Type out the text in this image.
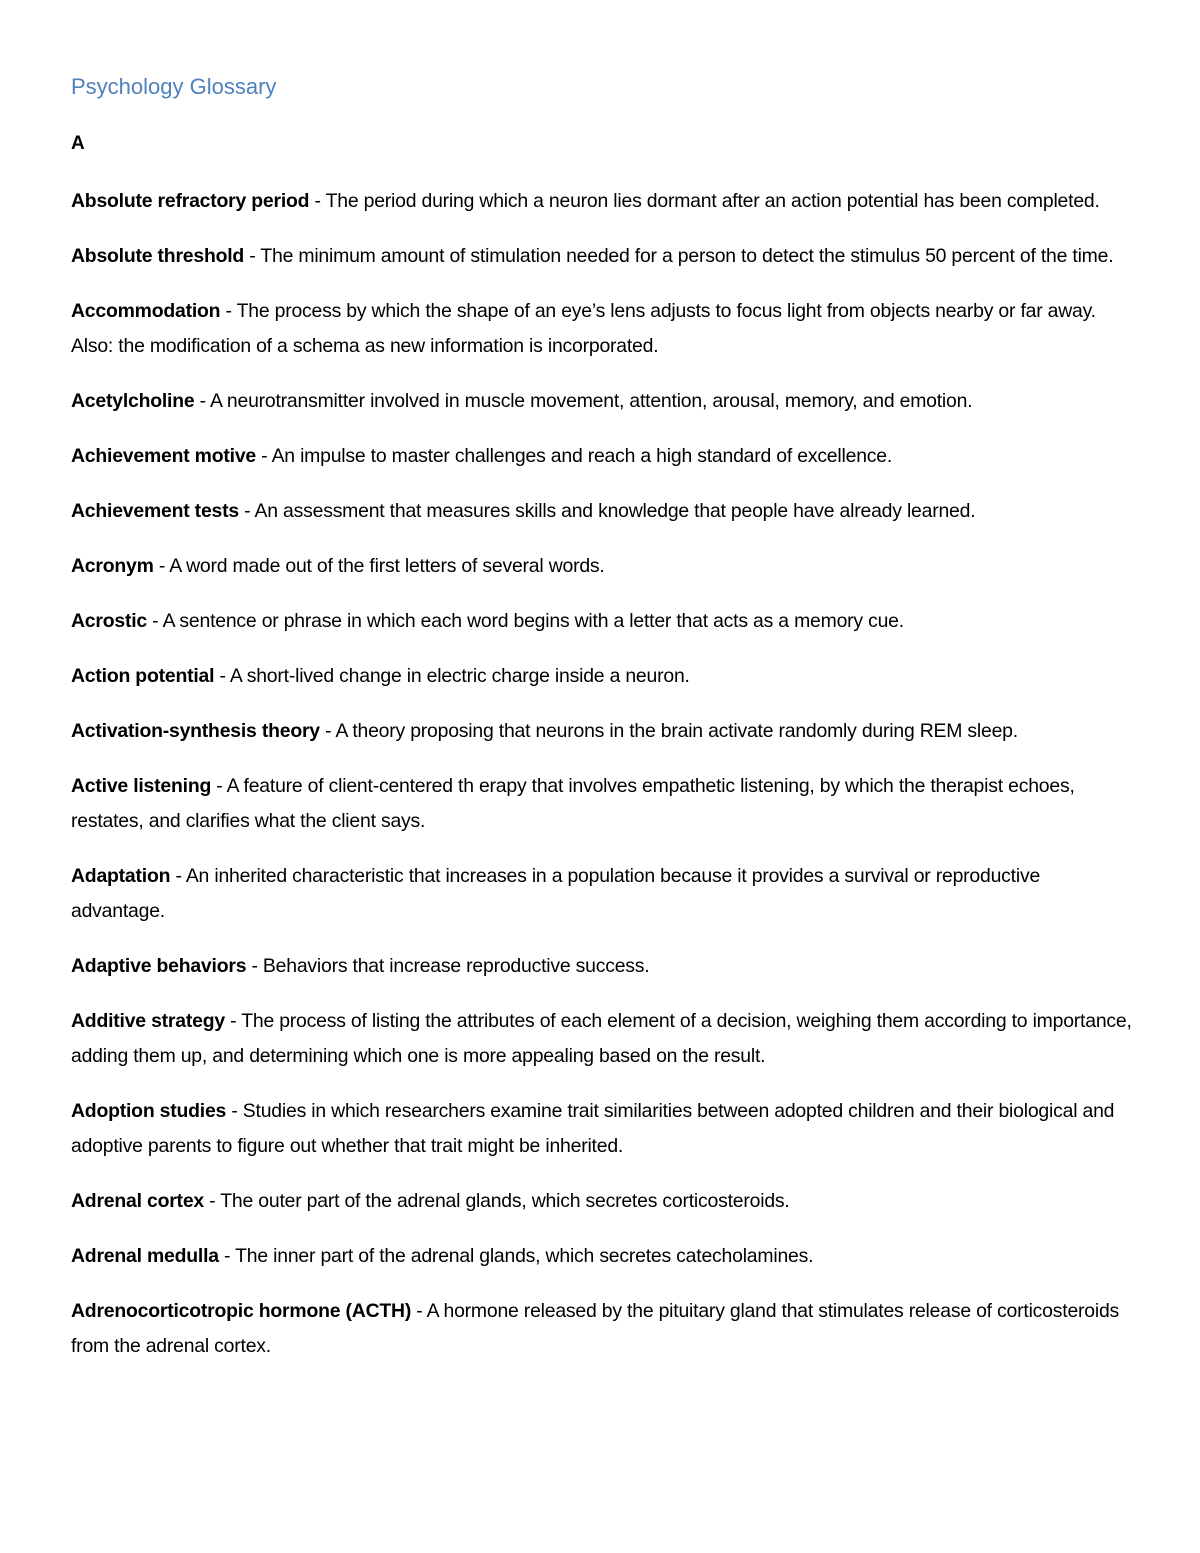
Psychology Glossary
A

Absolute refractory period - The period during which a neuron lies dormant after an action potential has been completed.

Absolute threshold - The minimum amount of stimulation needed for a person to detect the stimulus 50 percent of the time.

Accommodation - The process by which the shape of an eye’s lens adjusts to focus light from objects nearby or far away. Also: the modification of a schema as new information is incorporated.

Acetylcholine - A neurotransmitter involved in muscle movement, attention, arousal, memory, and emotion.

Achievement motive - An impulse to master challenges and reach a high standard of excellence.

Achievement tests - An assessment that measures skills and knowledge that people have already learned.

Acronym - A word made out of the first letters of several words.

Acrostic - A sentence or phrase in which each word begins with a letter that acts as a memory cue.

Action potential - A short-lived change in electric charge inside a neuron.

Activation-synthesis theory - A theory proposing that neurons in the brain activate randomly during REM sleep.

Active listening - A feature of client-centered th erapy that involves empathetic listening, by which the therapist echoes, restates, and clarifies what the client says.

Adaptation - An inherited characteristic that increases in a population because it provides a survival or reproductive advantage.

Adaptive behaviors - Behaviors that increase reproductive success.

Additive strategy - The process of listing the attributes of each element of a decision, weighing them according to importance, adding them up, and determining which one is more appealing based on the result.

Adoption studies - Studies in which researchers examine trait similarities between adopted children and their biological and adoptive parents to figure out whether that trait might be inherited.

Adrenal cortex - The outer part of the adrenal glands, which secretes corticosteroids.

Adrenal medulla - The inner part of the adrenal glands, which secretes catecholamines.

Adrenocorticotropic hormone (ACTH) - A hormone released by the pituitary gland that stimulates release of corticosteroids from the adrenal cortex.
